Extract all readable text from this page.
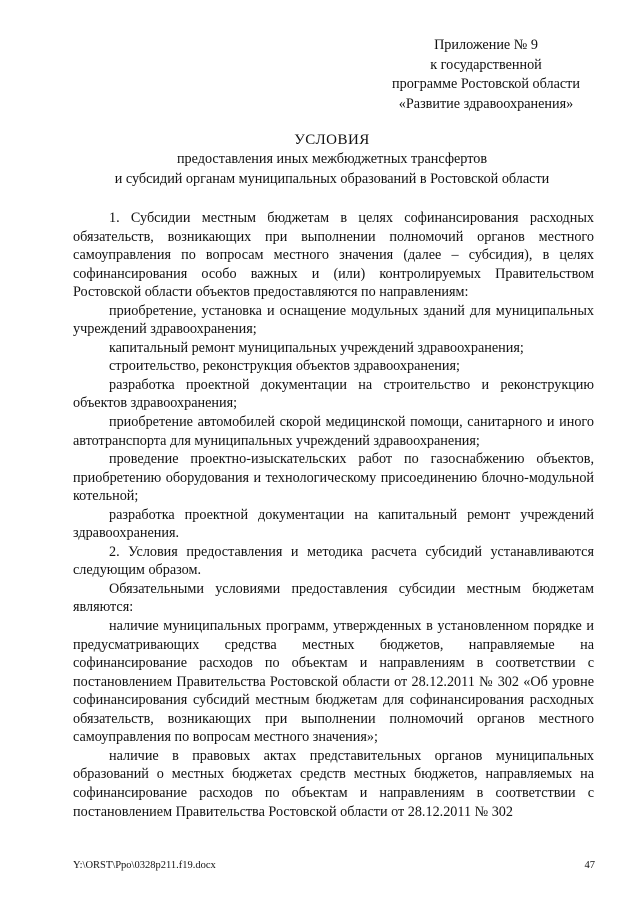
Приложение № 9
к государственной
программе Ростовской области
«Развитие здравоохранения»
УСЛОВИЯ
предоставления иных межбюджетных трансфертов
и субсидий органам муниципальных образований в Ростовской области

1. Субсидии местным бюджетам в целях софинансирования расходных обязательств, возникающих при выполнении полномочий органов местного самоуправления по вопросам местного значения (далее – субсидия), в целях софинансирования особо важных и (или) контролируемых Правительством Ростовской области объектов предоставляются по направлениям:

приобретение, установка и оснащение модульных зданий для муниципальных учреждений здравоохранения;

капитальный ремонт муниципальных учреждений здравоохранения;

строительство, реконструкция объектов здравоохранения;

разработка проектной документации на строительство и реконструкцию объектов здравоохранения;

приобретение автомобилей скорой медицинской помощи, санитарного и иного автотранспорта для муниципальных учреждений здравоохранения;

проведение проектно-изыскательских работ по газоснабжению объектов, приобретению оборудования и технологическому присоединению блочно-модульной котельной;

разработка проектной документации на капитальный ремонт учреждений здравоохранения.

2. Условия предоставления и методика расчета субсидий устанавливаются следующим образом.

Обязательными условиями предоставления субсидии местным бюджетам являются:

наличие муниципальных программ, утвержденных в установленном порядке и предусматривающих средства местных бюджетов, направляемые на софинансирование расходов по объектам и направлениям в соответствии с постановлением Правительства Ростовской области от 28.12.2011 № 302 «Об уровне софинансирования субсидий местным бюджетам для софинансирования расходных обязательств, возникающих при выполнении полномочий органов местного самоуправления по вопросам местного значения»;

наличие в правовых актах представительных органов муниципальных образований о местных бюджетах средств местных бюджетов, направляемых на софинансирование расходов по объектам и направлениям в соответствии с постановлением Правительства Ростовской области от 28.12.2011 № 302

Y:\ORST\Ppo\0328p211.f19.docx	47
